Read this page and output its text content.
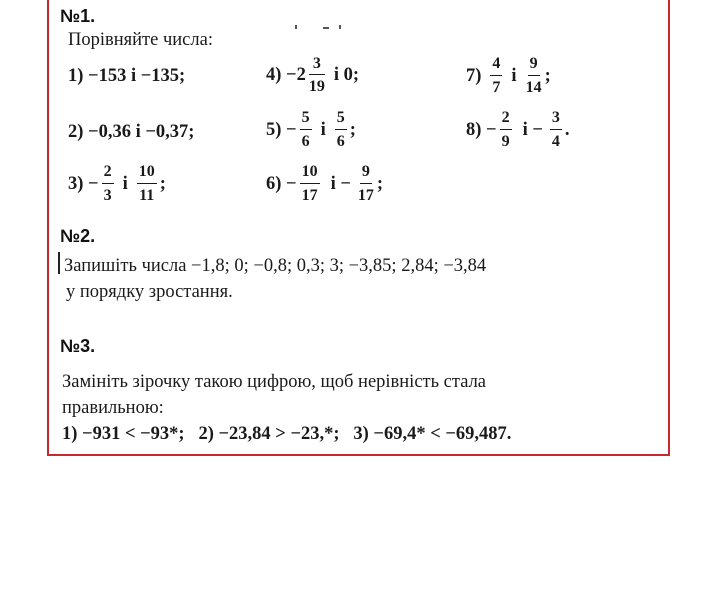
№1.
Порівняйте числа:
1) −153 і −135;
2) −0,36 і −0,37;
$3) - \frac{2}{3}$ і $\frac{10}{11}$ ;
$4) -2 \frac{3}{19}$ і 0;
$5) - \frac{5}{6}$ і $\frac{5}{6}$ ;
$6) - \frac{10}{17}$ $і - \frac{9}{17}$ ;
$7) \frac{4}{7}$ і $\frac{9}{14}$ ;
$8) - \frac{2}{9}$ $і - \frac{3}{4}$ .
№2.
Запишіть числа −1,8; 0; −0,8; 0,3; 3; −3,85; 2,84; −3,84
у порядку зростання.
№3.
Замініть зірочку такою цифрою, щоб нерівність стала
правильною:
1) −931 < −93*;   2) −23,84 > −23,*;   3) −69,4* < −69,487.
